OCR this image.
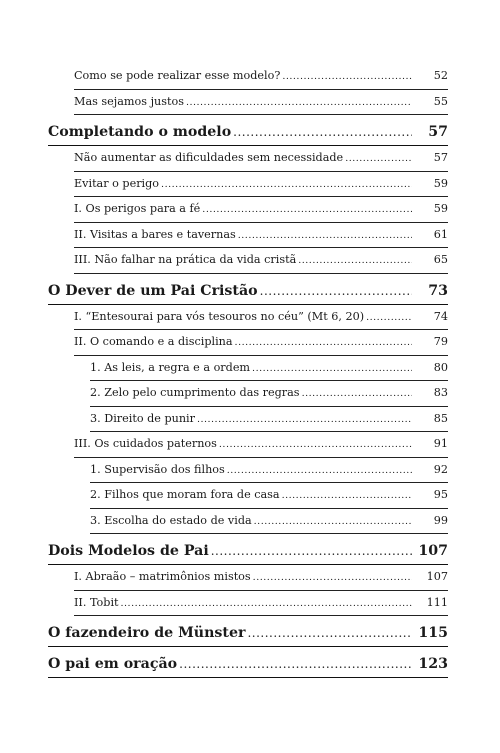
Como se pode realizar esse modelo? .....	52
Mas sejamos justos .....	55
Completando o modelo .....	57
Não aumentar as dificuldades sem necessidade .....	57
Evitar o perigo .....	59
I. Os perigos para a fé .....	59
II. Visitas a bares e tavernas .....	61
III. Não falhar na prática da vida cristã .....	65
O Dever de um Pai Cristão .....	73
I. “Entesourai para vós tesouros no céu” (Mt 6, 20) .....	74
II. O comando e a disciplina .....	79
1. As leis, a regra e a ordem .....	80
2. Zelo pelo cumprimento das regras .....	83
3. Direito de punir .....	85
III. Os cuidados paternos .....	91
1. Supervisão dos filhos .....	92
2. Filhos que moram fora de casa .....	95
3. Escolha do estado de vida .....	99
Dois Modelos de Pai .....	107
I. Abraão – matrimônios mistos .....	107
II. Tobit .....	111
O fazendeiro de Münster .....	115
O pai em oração .....	123
